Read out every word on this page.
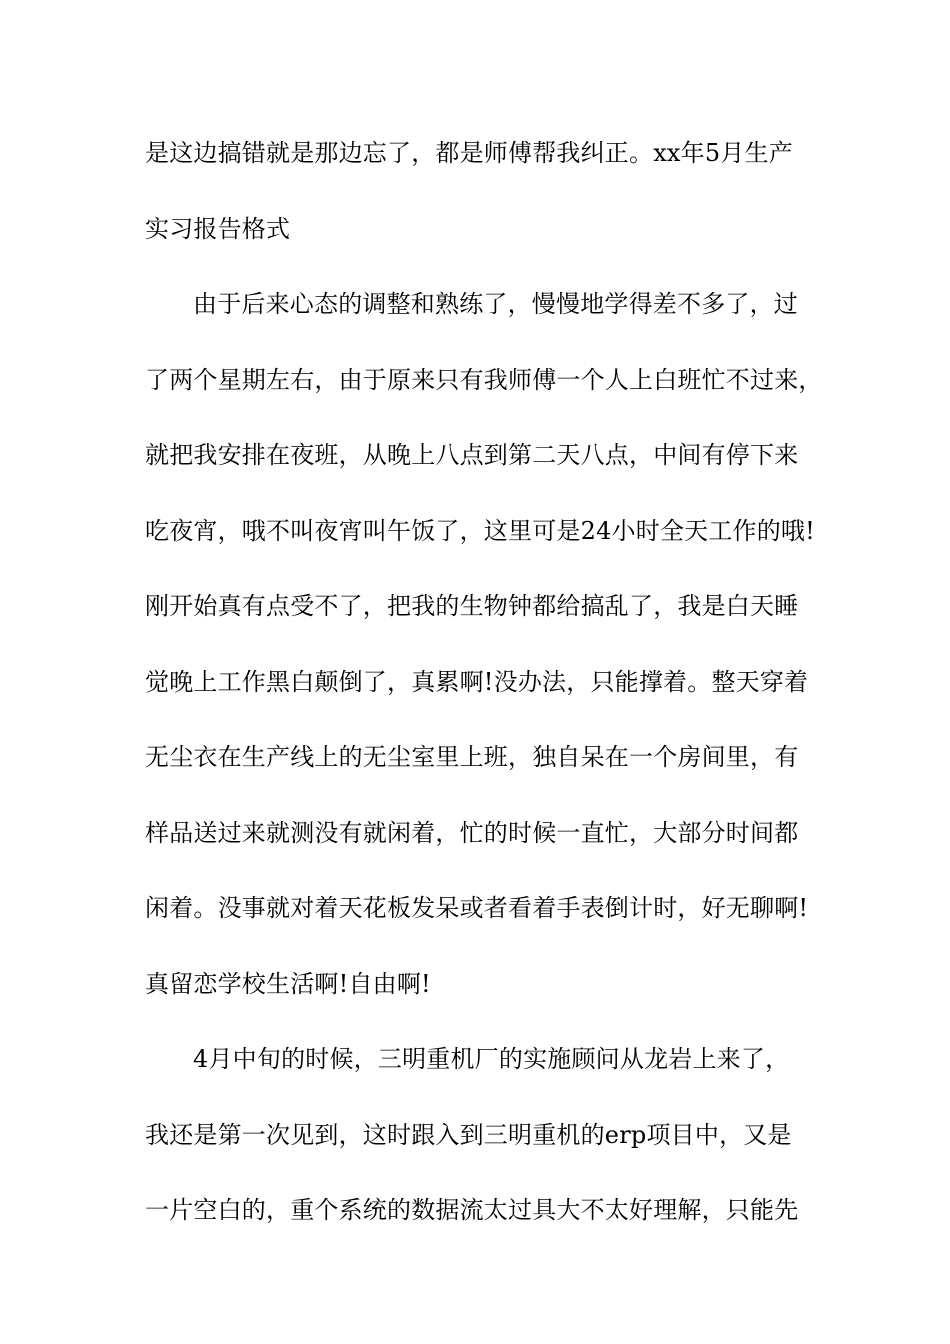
是这边搞错就是那边忘了，都是师傅帮我纠正。xx年5月生产
实习报告格式
由于后来心态的调整和熟练了，慢慢地学得差不多了，过
了两个星期左右，由于原来只有我师傅一个人上白班忙不过来，
就把我安排在夜班，从晚上八点到第二天八点，中间有停下来
吃夜宵，哦不叫夜宵叫午饭了，这里可是24小时全天工作的哦!
刚开始真有点受不了，把我的生物钟都给搞乱了，我是白天睡
觉晚上工作黑白颠倒了，真累啊!没办法，只能撑着。整天穿着
无尘衣在生产线上的无尘室里上班，独自呆在一个房间里，有
样品送过来就测没有就闲着，忙的时候一直忙，大部分时间都
闲着。没事就对着天花板发呆或者看着手表倒计时，好无聊啊!
真留恋学校生活啊!自由啊!
4月中旬的时候，三明重机厂的实施顾问从龙岩上来了，
我还是第一次见到，这时跟入到三明重机的erp项目中，又是
一片空白的，重个系统的数据流太过具大不太好理解，只能先
